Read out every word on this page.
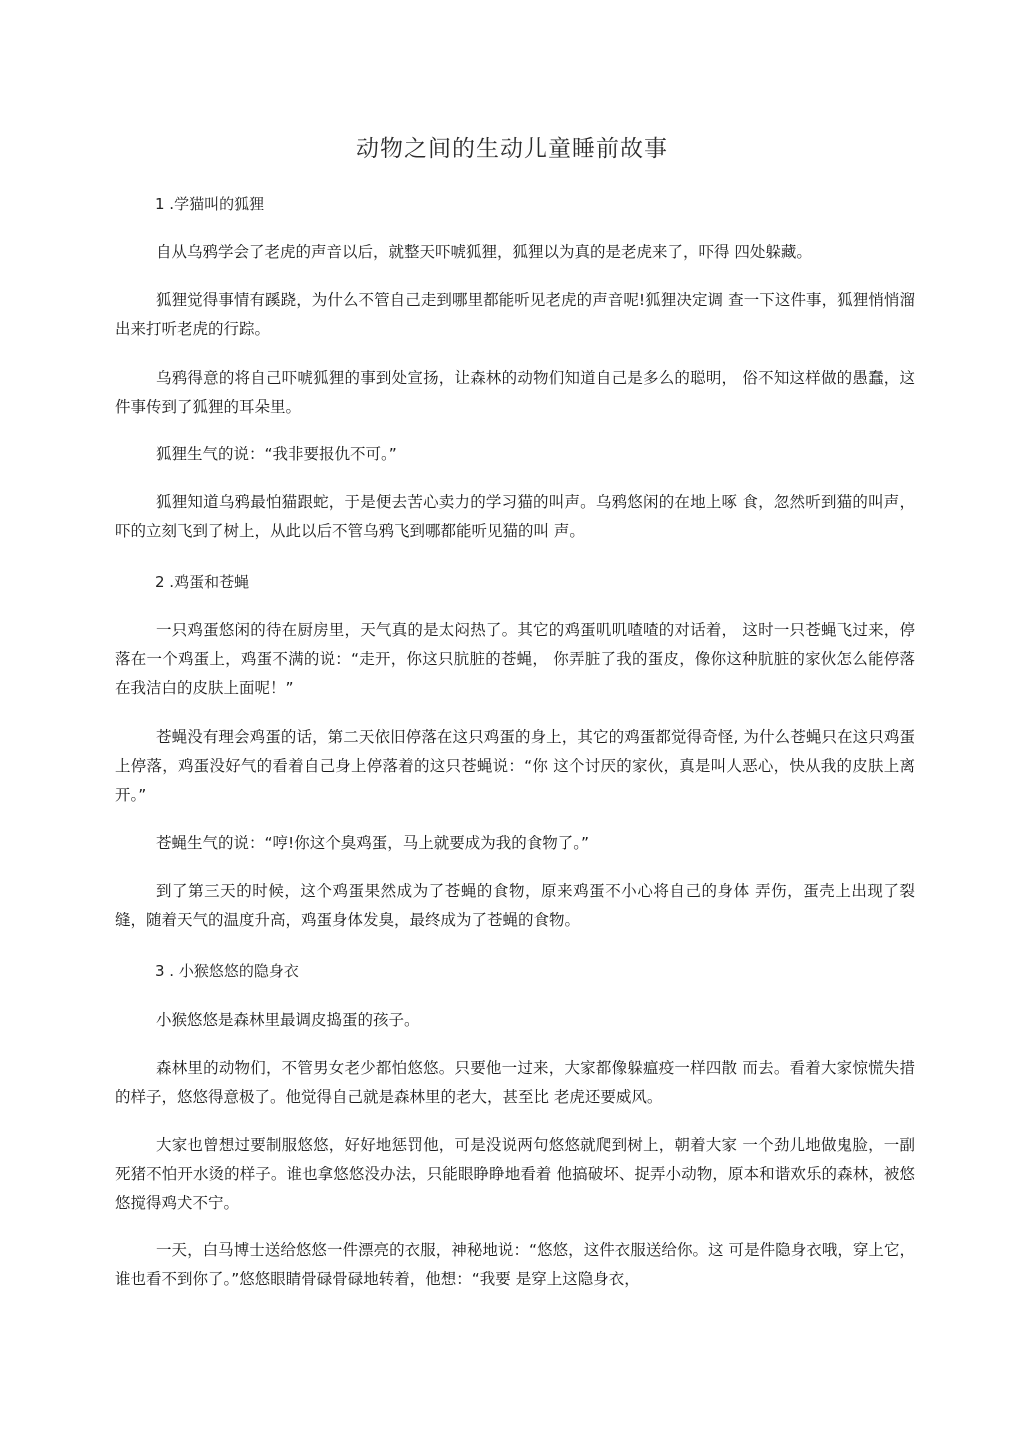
动物之间的生动儿童睡前故事
1 .学猫叫的狐狸

自从乌鸦学会了老虎的声音以后，就整天吓唬狐狸，狐狸以为真的是老虎来了，吓得 四处躲藏。

狐狸觉得事情有蹊跷，为什么不管自己走到哪里都能听见老虎的声音呢!狐狸决定调 查一下这件事，狐狸悄悄溜出来打听老虎的行踪。

乌鸦得意的将自己吓唬狐狸的事到处宣扬，让森林的动物们知道自己是多么的聪明， 俗不知这样做的愚蠢，这件事传到了狐狸的耳朵里。

狐狸生气的说：“我非要报仇不可。”

狐狸知道乌鸦最怕猫跟蛇，于是便去苦心卖力的学习猫的叫声。乌鸦悠闲的在地上啄 食，忽然听到猫的叫声，吓的立刻飞到了树上，从此以后不管乌鸦飞到哪都能听见猫的叫 声。

2 .鸡蛋和苍蝇

一只鸡蛋悠闲的待在厨房里，天气真的是太闷热了。其它的鸡蛋叽叽喳喳的对话着， 这时一只苍蝇飞过来，停落在一个鸡蛋上，鸡蛋不满的说：“走开，你这只肮脏的苍蝇， 你弄脏了我的蛋皮，像你这种肮脏的家伙怎么能停落在我洁白的皮肤上面呢！”

苍蝇没有理会鸡蛋的话，第二天依旧停落在这只鸡蛋的身上，其它的鸡蛋都觉得奇怪, 为什么苍蝇只在这只鸡蛋上停落，鸡蛋没好气的看着自己身上停落着的这只苍蝇说：“你 这个讨厌的家伙，真是叫人恶心，快从我的皮肤上离开。”

苍蝇生气的说：“哼!你这个臭鸡蛋，马上就要成为我的食物了。”

到了第三天的时候，这个鸡蛋果然成为了苍蝇的食物，原来鸡蛋不小心将自己的身体 弄伤，蛋壳上出现了裂缝，随着天气的温度升高，鸡蛋身体发臭，最终成为了苍蝇的食物。

3 . 小猴悠悠的隐身衣

小猴悠悠是森林里最调皮捣蛋的孩子。

森林里的动物们，不管男女老少都怕悠悠。只要他一过来，大家都像躲瘟疫一样四散 而去。看着大家惊慌失措的样子，悠悠得意极了。他觉得自己就是森林里的老大，甚至比 老虎还要威风。

大家也曾想过要制服悠悠，好好地惩罚他，可是没说两句悠悠就爬到树上，朝着大家 一个劲儿地做鬼脸，一副死猪不怕开水烫的样子。谁也拿悠悠没办法，只能眼睁睁地看着 他搞破坏、捉弄小动物，原本和谐欢乐的森林，被悠悠搅得鸡犬不宁。

一天，白马博士送给悠悠一件漂亮的衣服，神秘地说：“悠悠，这件衣服送给你。这 可是件隐身衣哦，穿上它，谁也看不到你了。”悠悠眼睛骨碌骨碌地转着，他想：“我要 是穿上这隐身衣，
